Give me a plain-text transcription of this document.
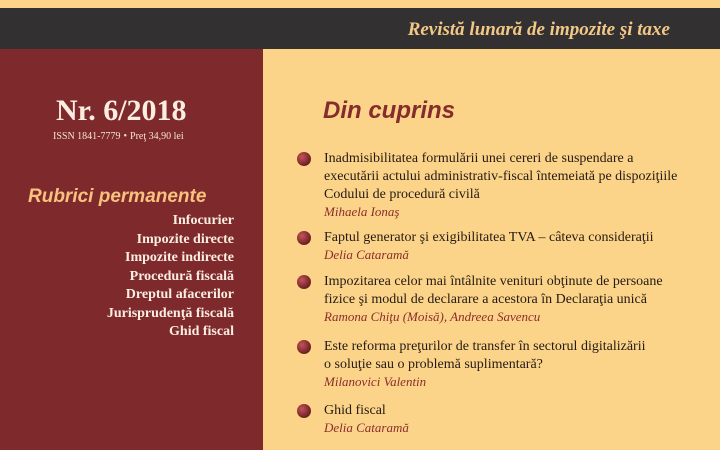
Revistă lunară de impozite şi taxe
Nr. 6/2018
ISSN 1841-7779 • Preţ 34,90 lei
Rubrici permanente
Infocurier
Impozite directe
Impozite indirecte
Procedură fiscală
Dreptul afacerilor
Jurisprudenţă fiscală
Ghid fiscal
Din cuprins
Inadmisibilitatea formulării unei cereri de suspendare a
executării actului administrativ-fiscal întemeiată pe dispoziţiile
Codului de procedură civilă
Mihaela Ionaş
Faptul generator şi exigibilitatea TVA – câteva consideraţii
Delia Cataramă
Impozitarea celor mai întâlnite venituri obţinute de persoane
fizice şi modul de declarare a acestora în Declaraţia unică
Ramona Chiţu (Moisă), Andreea Savencu
Este reforma preţurilor de transfer în sectorul digitalizării
o soluţie sau o problemă suplimentară?
Milanovici Valentin
Ghid fiscal
Delia Cataramă
